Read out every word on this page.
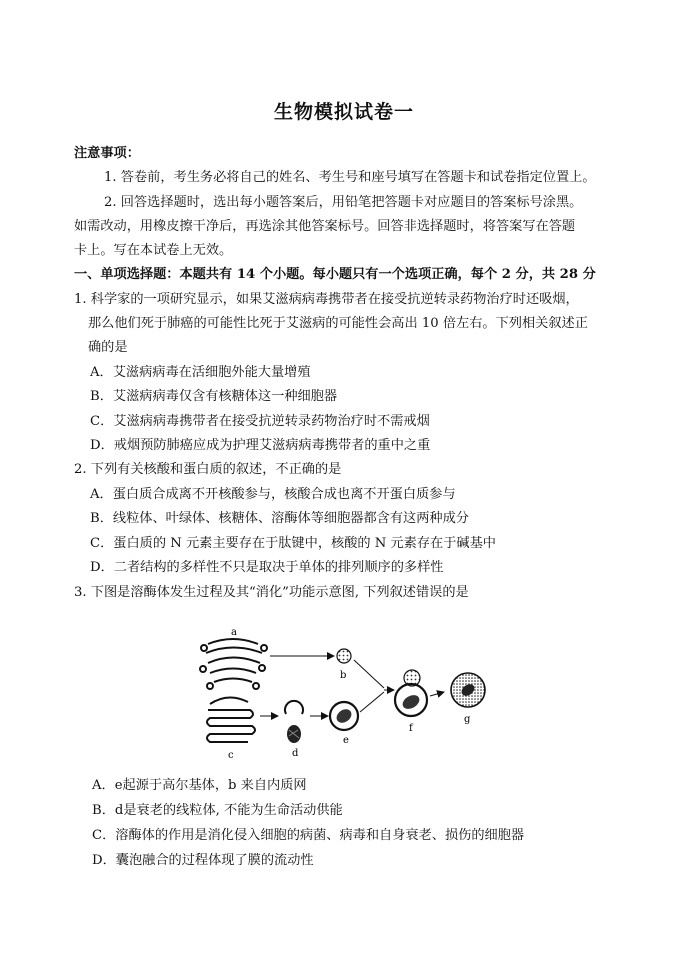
生物模拟试卷一
注意事项：
1. 答卷前，考生务必将自己的姓名、考生号和座号填写在答题卡和试卷指定位置上。
2. 回答选择题时，选出每小题答案后，用铅笔把答题卡对应题目的答案标号涂黑。
如需改动，用橡皮擦干净后，再选涂其他答案标号。回答非选择题时，将答案写在答题
卡上。写在本试卷上无效。
一、单项选择题：本题共有 14 个小题。每小题只有一个选项正确，每个 2 分，共 28 分
1. 科学家的一项研究显示，如果艾滋病病毒携带者在接受抗逆转录药物治疗时还吸烟，
那么他们死于肺癌的可能性比死于艾滋病的可能性会高出 10 倍左右。下列相关叙述正
确的是
A．艾滋病病毒在活细胞外能大量增殖
B．艾滋病病毒仅含有核糖体这一种细胞器
C．艾滋病病毒携带者在接受抗逆转录药物治疗时不需戒烟
D．戒烟预防肺癌应成为护理艾滋病病毒携带者的重中之重
2. 下列有关核酸和蛋白质的叙述，不正确的是
A．蛋白质合成离不开核酸参与，核酸合成也离不开蛋白质参与
B．线粒体、叶绿体、核糖体、溶酶体等细胞器都含有这两种成分
C．蛋白质的 N 元素主要存在于肽键中，核酸的 N 元素存在于碱基中
D．二者结构的多样性不只是取决于单体的排列顺序的多样性
3. 下图是溶酶体发生过程及其“消化”功能示意图, 下列叙述错误的是
a
b
c	d
e
f
g
A．e起源于高尔基体，b 来自内质网
B．d是衰老的线粒体, 不能为生命活动供能
C．溶酶体的作用是消化侵入细胞的病菌、病毒和自身衰老、损伤的细胞器
D．囊泡融合的过程体现了膜的流动性
